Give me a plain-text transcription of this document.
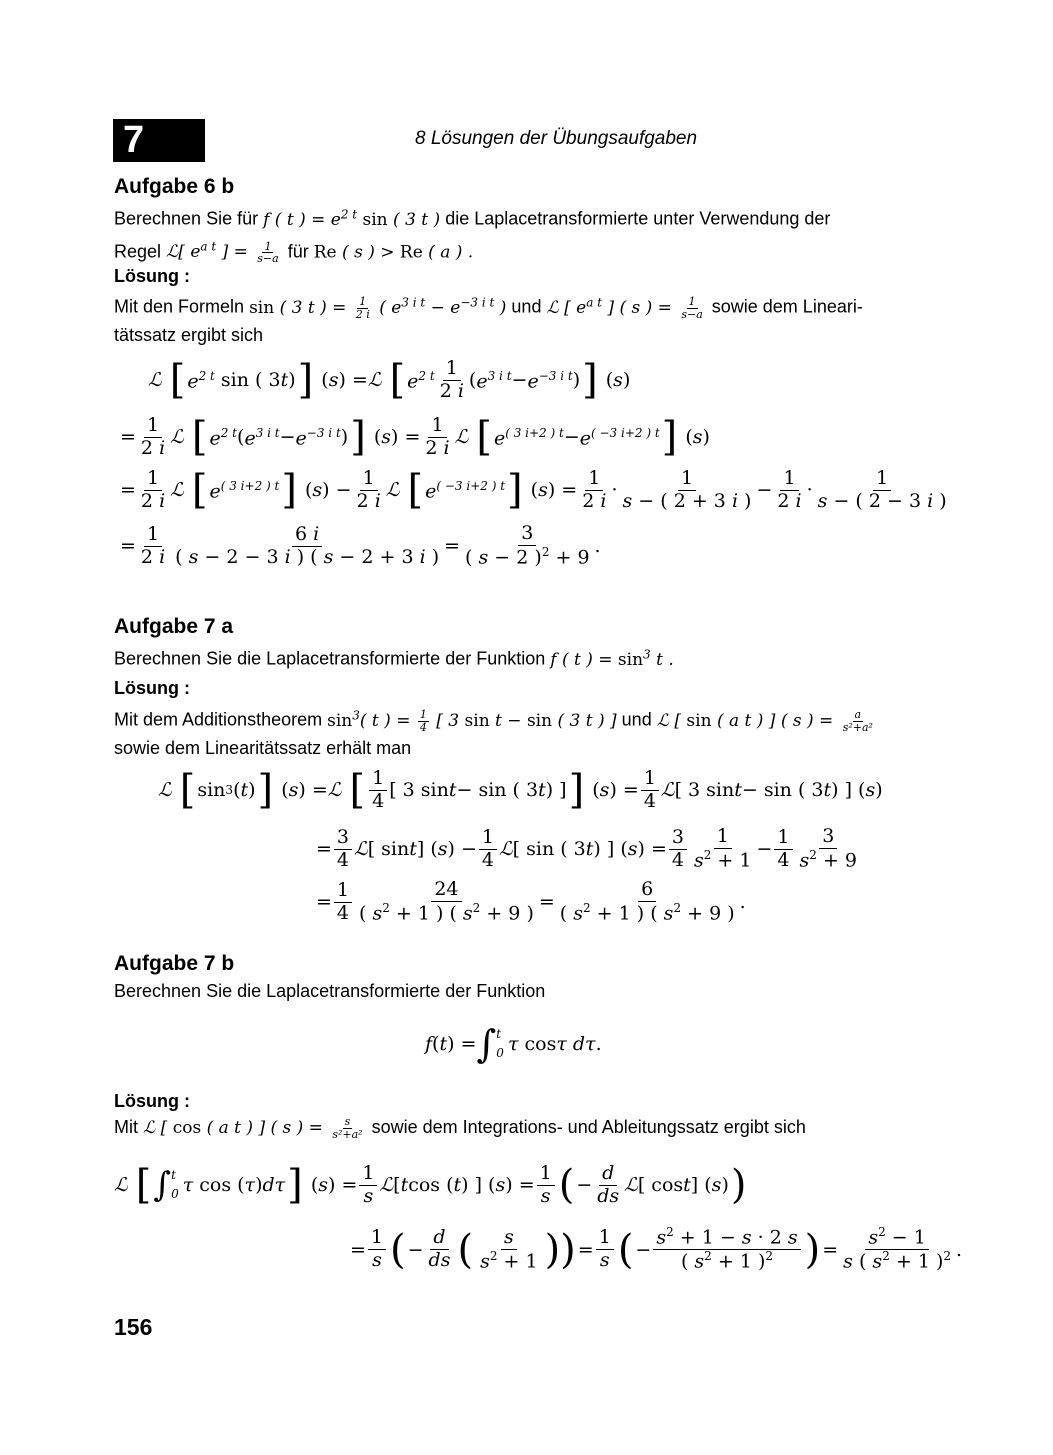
7	8 Lösungen der Übungsaufgaben
Aufgabe 6 b
Berechnen Sie für f ( t ) = $e^{2 t}$ sin ( 3 t ) die Laplacetransformierte unter Verwendung der
Regel ℒ[ $e^{a t}$ ] = $\frac{1}{s-a}$ für Re ( s ) > Re ( a ) .
Lösung :
Mit den Formeln sin ( 3 t ) = $\frac{1}{2 i}$ ( $e^{3 i t} - e^{-3 i t}$ ) und ℒ [ $e^{a t}$ ] ( s ) = $\frac{1}{s-a}$ sowie dem Lineari-
tätssatz ergibt sich
ℒ
[ $e^{2 t}$ sin ( 3 t ) ] ( s ) = ℒ
[ $e^{2 t}$ 1
2 i ( $e^{3 i t} - e^{-3 i t}$ ) ] ( s )
=
1
2 i ℒ
[ $e^{2 t}$ ( $e^{3 i t} - e^{-3 i t}$ ) ] ( s ) =
1
2 i ℒ
[ $e^{( 3 i+2 ) t} - e^{( -3 i+2 ) t}$ ] ( s )
=
1
2 i ℒ
[ $e^{( 3 i+2 ) t}$ ] ( s ) −
1
2 i ℒ
[ $e^{( -3 i+2 ) t}$ ] ( s ) =
1
2 i ·
1
s − ( 2 + 3 i ) −
1
2 i ·
1
s − ( 2 − 3 i )
=
1
2 i
6 i
( s − 2 − 3 i ) ( s − 2 + 3 i ) =
3
( s − 2 )$^2$ + 9
.
Aufgabe 7 a
Berechnen Sie die Laplacetransformierte der Funktion f ( t ) = $\sin^3 t$ .
Lösung :
Mit dem Additionstheorem $\sin^3$( t ) = $\frac{1}{4}$ [ 3 sin t − sin ( 3 t ) ] und ℒ [ sin ( a t ) ] ( s ) = $\frac{a}{\text{s²+a²}}$

sowie dem Linearitätssatz erhält man
ℒ
[ sin 3 ( t ) ] ( s ) = ℒ
[ 1
4 [ 3 sin t − sin ( 3 t ) ] ] ( s ) =
1
4 ℒ [ 3 sin t − sin ( 3 t ) ] ( s )
=
3
4 ℒ [ sin t ] ( s ) −
1
4 ℒ [ sin ( 3 t ) ] ( s ) =
3
4
1
$s^2 + 1$
−
1
4
3
$s^2 + 9$
=
1
4
24
( $s^2 + 1$ ) ( $s^2 + 9$ )
=
6
( $s^2 + 1$ ) ( $s^2 + 9$ )
.
Aufgabe 7 b
Berechnen Sie die Laplacetransformierte der Funktion
f ( t ) = ∫ t
0 τ cos τ dτ .
Lösung :
Mit ℒ [ cos ( a t ) ] ( s ) = $\frac{s}{\text{s²+a²}}$ sowie dem Integrations- und Ableitungssatz ergibt sich
ℒ
[ ∫ t
0 τ cos ( τ ) dτ ] ( s ) =
1
s ℒ [ t cos ( t ) ] ( s ) =
1
s ( −
d
ds ℒ [ cos t ] ( s ) )
=
1
s ( −
d
ds ( s
$s^2 + 1$ )) =
1
s ( −
$s^2 + 1 - s \cdot 2$ s
( $s^2 + 1$ )$^2$ ) =
$s^2 - 1$
s ( $s^2 + 1$ )$^2$ .
156
